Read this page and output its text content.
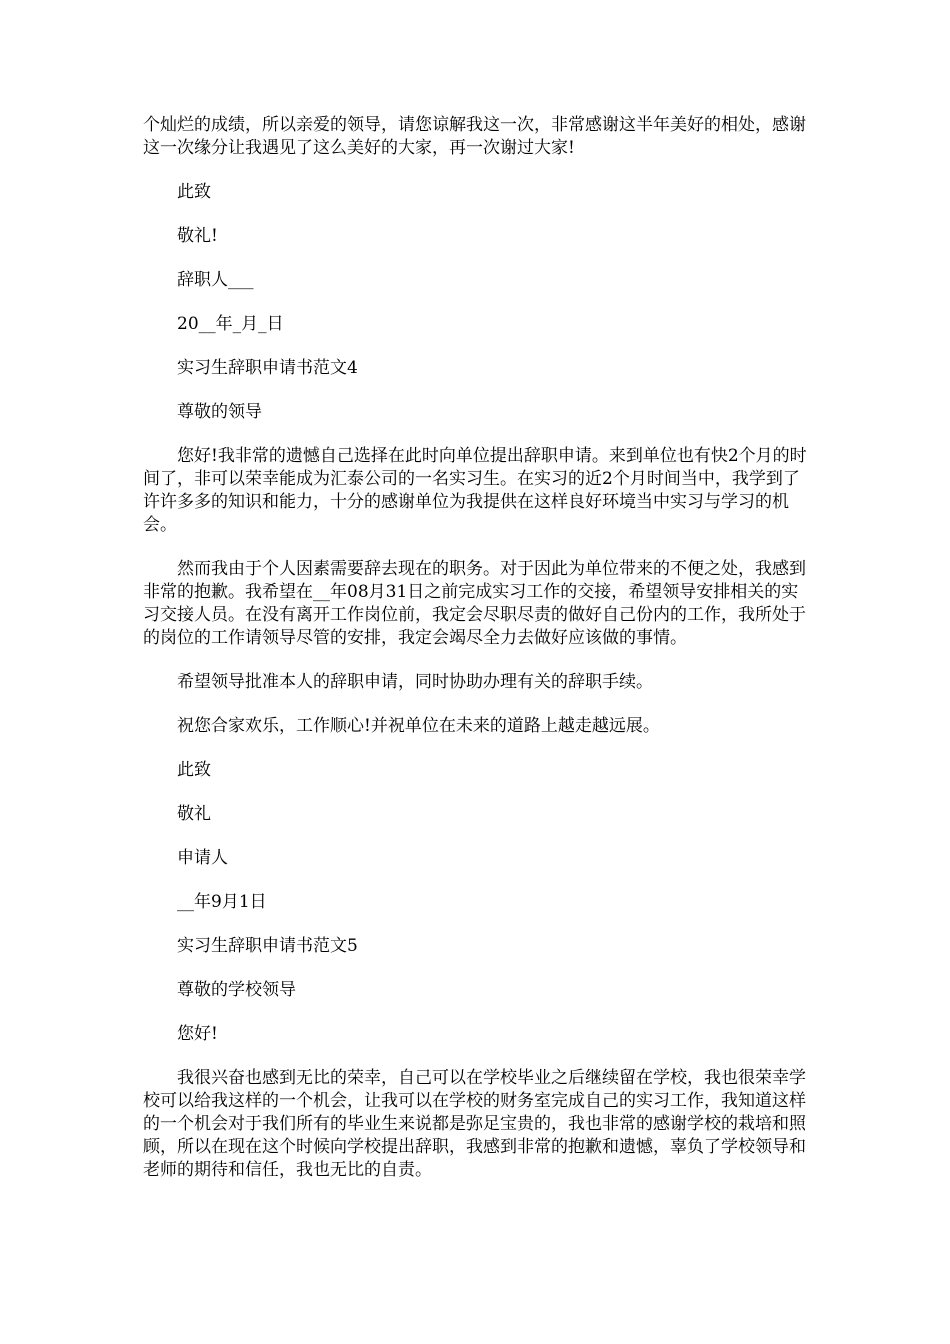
个灿烂的成绩，所以亲爱的领导，请您谅解我这一次，非常感谢这半年美好的相处，感谢这一次缘分让我遇见了这么美好的大家，再一次谢过大家!

此致

敬礼!

辞职人___

20__年_月_日

实习生辞职申请书范文4

尊敬的领导

您好!我非常的遗憾自己选择在此时向单位提出辞职申请。来到单位也有快2个月的时间了，非可以荣幸能成为汇泰公司的一名实习生。在实习的近2个月时间当中，我学到了许许多多的知识和能力，十分的感谢单位为我提供在这样良好环境当中实习与学习的机会。

然而我由于个人因素需要辞去现在的职务。对于因此为单位带来的不便之处，我感到非常的抱歉。我希望在__年08月31日之前完成实习工作的交接，希望领导安排相关的实习交接人员。在没有离开工作岗位前，我定会尽职尽责的做好自己份内的工作，我所处于的岗位的工作请领导尽管的安排，我定会竭尽全力去做好应该做的事情。

希望领导批准本人的辞职申请，同时协助办理有关的辞职手续。

祝您合家欢乐，工作顺心!并祝单位在未来的道路上越走越远展。

此致

敬礼

申请人

__年9月1日

实习生辞职申请书范文5

尊敬的学校领导

您好!

我很兴奋也感到无比的荣幸，自己可以在学校毕业之后继续留在学校，我也很荣幸学校可以给我这样的一个机会，让我可以在学校的财务室完成自己的实习工作，我知道这样的一个机会对于我们所有的毕业生来说都是弥足宝贵的，我也非常的感谢学校的栽培和照顾，所以在现在这个时候向学校提出辞职，我感到非常的抱歉和遗憾，辜负了学校领导和老师的期待和信任，我也无比的自责。
